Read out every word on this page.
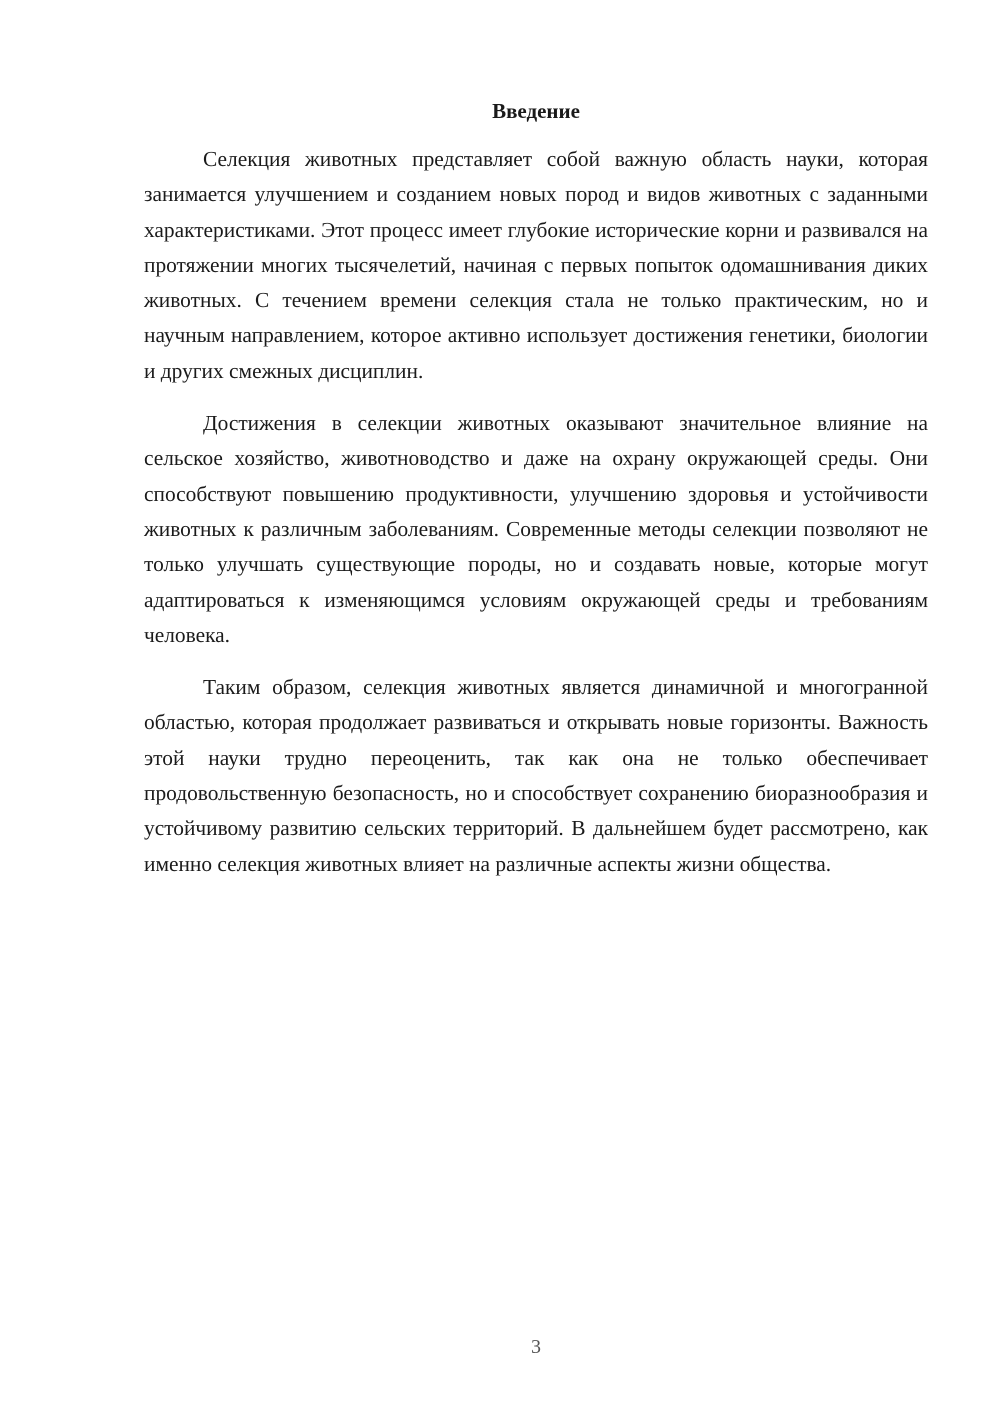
Введение

Селекция животных представляет собой важную область науки, которая занимается улучшением и созданием новых пород и видов животных с заданными характеристиками. Этот процесс имеет глубокие исторические корни и развивался на протяжении многих тысячелетий, начиная с первых попыток одомашнивания диких животных. С течением времени селекция стала не только практическим, но и научным направлением, которое активно использует достижения генетики, биологии и других смежных дисциплин.

Достижения в селекции животных оказывают значительное влияние на сельское хозяйство, животноводство и даже на охрану окружающей среды. Они способствуют повышению продуктивности, улучшению здоровья и устойчивости животных к различным заболеваниям. Современные методы селекции позволяют не только улучшать существующие породы, но и создавать новые, которые могут адаптироваться к изменяющимся условиям окружающей среды и требованиям человека.

Таким образом, селекция животных является динамичной и многогранной областью, которая продолжает развиваться и открывать новые горизонты. Важность этой науки трудно переоценить, так как она не только обеспечивает продовольственную безопасность, но и способствует сохранению биоразнообразия и устойчивому развитию сельских территорий. В дальнейшем будет рассмотрено, как именно селекция животных влияет на различные аспекты жизни общества.

3
